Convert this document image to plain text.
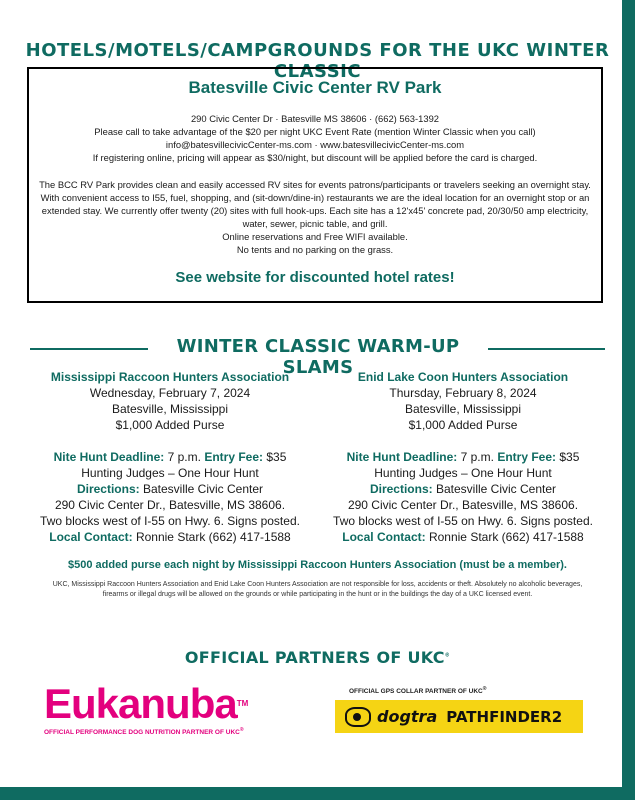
HOTELS/MOTELS/CAMPGROUNDS FOR THE UKC WINTER CLASSIC
Batesville Civic Center RV Park
290 Civic Center Dr · Batesville MS 38606 · (662) 563-1392
Please call to take advantage of the $20 per night UKC Event Rate (mention Winter Classic when you call)
info@batesvillecivicCenter-ms.com · www.batesvillecivicCenter-ms.com
If registering online, pricing will appear as $30/night, but discount will be applied before the card is charged.
The BCC RV Park provides clean and easily accessed RV sites for events patrons/participants or travelers seeking an overnight stay. With convenient access to I55, fuel, shopping, and (sit-down/dine-in) restaurants we are the ideal location for an overnight stop or an extended stay. We currently offer twenty (20) sites with full hook-ups. Each site has a 12'x45' concrete pad, 20/30/50 amp electricity, water, sewer, picnic table, and grill.
Online reservations and Free WIFI available.
No tents and no parking on the grass.
See website for discounted hotel rates!
WINTER CLASSIC WARM-UP SLAMS
Mississippi Raccoon Hunters Association
Wednesday, February 7, 2024
Batesville, Mississippi
$1,000 Added Purse
Nite Hunt Deadline: 7 p.m. Entry Fee: $35
Hunting Judges – One Hour Hunt
Directions: Batesville Civic Center
290 Civic Center Dr., Batesville, MS 38606.
Two blocks west of I-55 on Hwy. 6. Signs posted.
Local Contact: Ronnie Stark (662) 417-1588
Enid Lake Coon Hunters Association
Thursday, February 8, 2024
Batesville, Mississippi
$1,000 Added Purse
Nite Hunt Deadline: 7 p.m. Entry Fee: $35
Hunting Judges – One Hour Hunt
Directions: Batesville Civic Center
290 Civic Center Dr., Batesville, MS 38606.
Two blocks west of I-55 on Hwy. 6. Signs posted.
Local Contact: Ronnie Stark (662) 417-1588
$500 added purse each night by Mississippi Raccoon Hunters Association (must be a member).
UKC, Mississippi Raccoon Hunters Association and Enid Lake Coon Hunters Association are not responsible for loss, accidents or theft. Absolutely no alcoholic beverages, firearms or illegal drugs will be allowed on the grounds or while participating in the hunt or in the buildings the day of a UKC licensed event.
OFFICIAL PARTNERS OF UKC®
Eukanuba™
OFFICIAL PERFORMANCE DOG NUTRITION PARTNER OF UKC®
OFFICIAL GPS COLLAR PARTNER OF UKC®
dogtra PATHFINDER2
